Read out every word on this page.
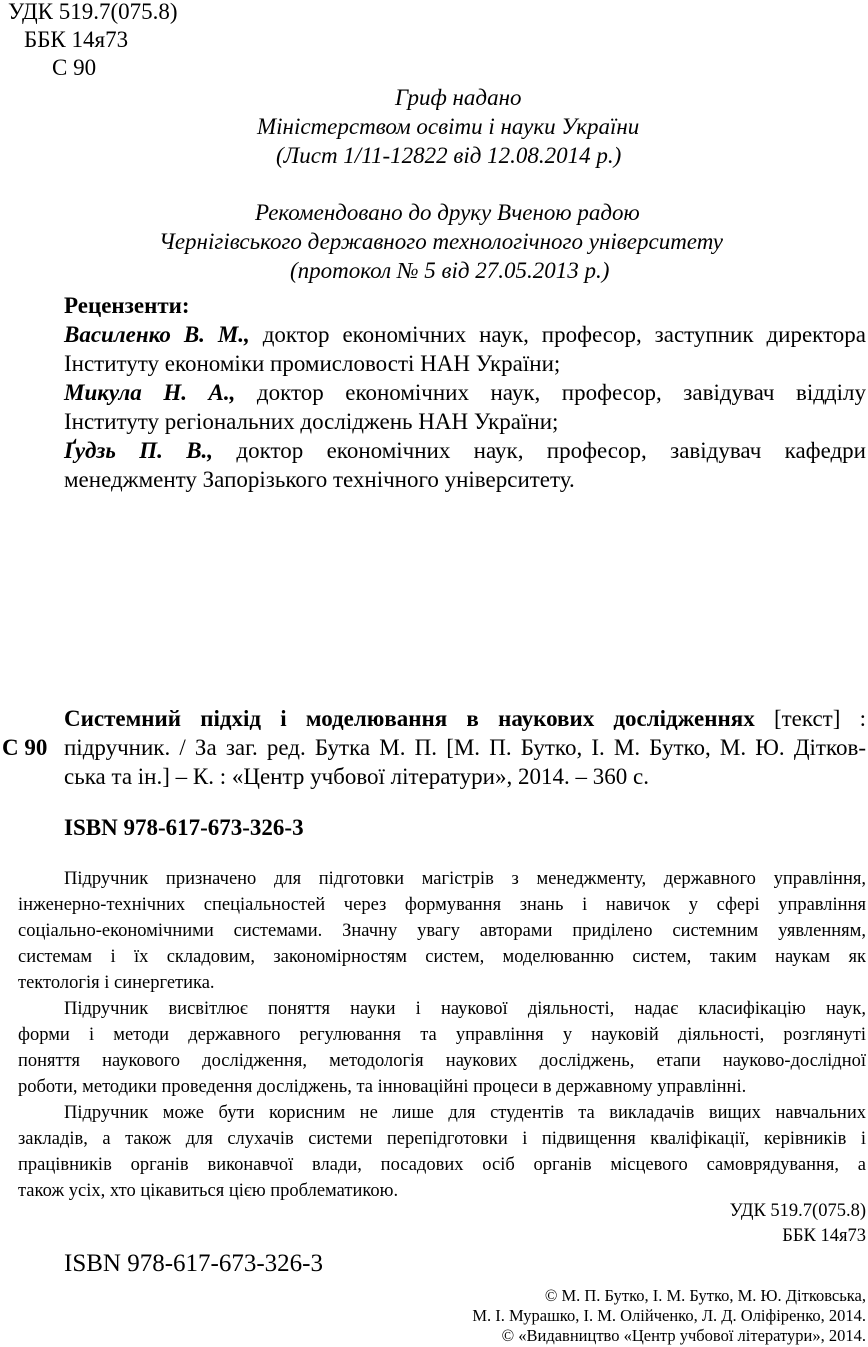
УДК 519.7(075.8)
ББК 14я73
С 90
Гриф надано
Міністерством освіти і науки України
(Лист 1/11-12822 від 12.08.2014 р.)
Рекомендовано до друку Вченою радою
Чернігівського державного технологічного університету
(протокол № 5 від 27.05.2013 р.)
Рецензенти:
Василенко В. М., доктор економічних наук, професор, заступник директора
Інституту економіки промисловості НАН України;
Микула Н. А., доктор економічних наук, професор, завідувач відділу
Інституту регіональних досліджень НАН України;
Ґудзь П. В., доктор економічних наук, професор, завідувач кафедри
менеджменту Запорізького технічного університету.
С 90
Системний підхід і моделювання в наукових дослідженнях [текст] :
підручник. / За заг. ред. Бутка М. П. [М. П. Бутко, І. М. Бутко, М. Ю. Дітков-
ська та ін.] – К. : «Центр учбової літератури», 2014. – 360 с.
ISBN 978-617-673-326-3
Підручник призначено для підготовки магістрів з менеджменту, державного управління,
інженерно-технічних спеціальностей через формування знань і навичок у сфері управління
соціально-економічними системами. Значну увагу авторами приділено системним уявленням,
системам і їх складовим, закономірностям систем, моделюванню систем, таким наукам як
тектологія і синергетика.
Підручник висвітлює поняття науки і наукової діяльності, надає класифікацію наук,
форми і методи державного регулювання та управління у науковій діяльності, розглянуті
поняття наукового дослідження, методологія наукових досліджень, етапи науково-дослідної
роботи, методики проведення досліджень, та інноваційні процеси в державному управлінні.
Підручник може бути корисним не лише для студентів та викладачів вищих навчальних
закладів, а також для слухачів системи перепідготовки і підвищення кваліфікації, керівників і
працівників органів виконавчої влади, посадових осіб органів місцевого самоврядування, а
також усіх, хто цікавиться цією проблематикою.
УДК 519.7(075.8)
ББК 14я73
ISBN 978-617-673-326-3
© М. П. Бутко, І. М. Бутко, М. Ю. Дітковська,
М. І. Мурашко, І. М. Олійченко, Л. Д. Оліфіренко, 2014.
© «Видавництво «Центр учбової літератури», 2014.
